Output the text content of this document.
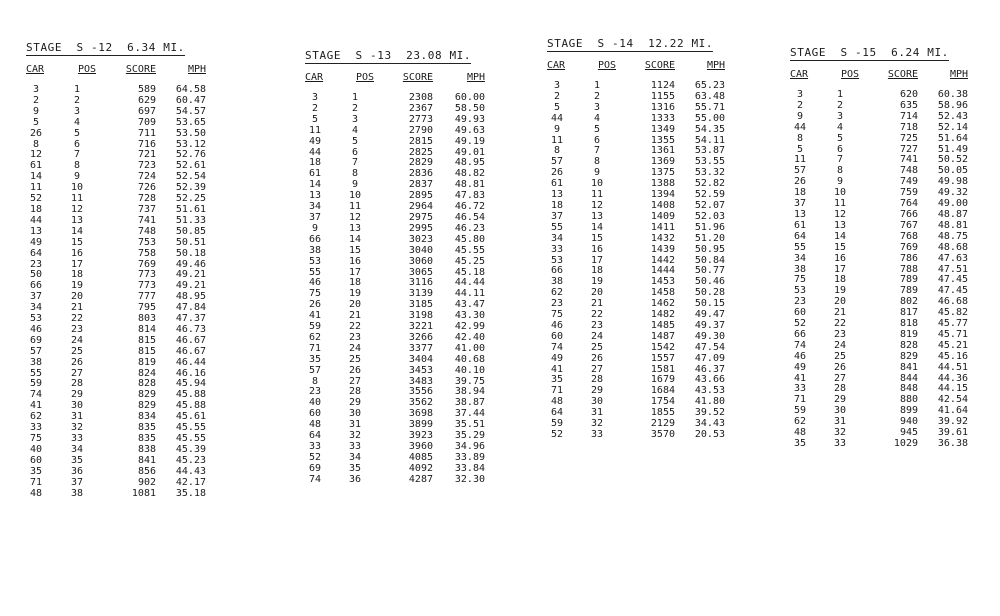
STAGE  S -12  6.34 MI.
CAR	POS	SCORE	MPH
3	1	589	64.58
2	2	629	60.47
9	3	697	54.57
5	4	709	53.65
26	5	711	53.50
8	6	716	53.12
12	7	721	52.76
61	8	723	52.61
14	9	724	52.54
11	10	726	52.39
52	11	728	52.25
18	12	737	51.61
44	13	741	51.33
13	14	748	50.85
49	15	753	50.51
64	16	758	50.18
23	17	769	49.46
50	18	773	49.21
66	19	773	49.21
37	20	777	48.95
34	21	795	47.84
53	22	803	47.37
46	23	814	46.73
69	24	815	46.67
57	25	815	46.67
38	26	819	46.44
55	27	824	46.16
59	28	828	45.94
74	29	829	45.88
41	30	829	45.88
62	31	834	45.61
33	32	835	45.55
75	33	835	45.55
40	34	838	45.39
60	35	841	45.23
35	36	856	44.43
71	37	902	42.17
48	38	1081	35.18
STAGE  S -13  23.08 MI.
CAR	POS	SCORE	MPH
3	1	2308	60.00
2	2	2367	58.50
5	3	2773	49.93
11	4	2790	49.63
49	5	2815	49.19
44	6	2825	49.01
18	7	2829	48.95
61	8	2836	48.82
14	9	2837	48.81
13	10	2895	47.83
34	11	2964	46.72
37	12	2975	46.54
9	13	2995	46.23
66	14	3023	45.80
38	15	3040	45.55
53	16	3060	45.25
55	17	3065	45.18
46	18	3116	44.44
75	19	3139	44.11
26	20	3185	43.47
41	21	3198	43.30
59	22	3221	42.99
62	23	3266	42.40
71	24	3377	41.00
35	25	3404	40.68
57	26	3453	40.10
8	27	3483	39.75
23	28	3556	38.94
40	29	3562	38.87
60	30	3698	37.44
48	31	3899	35.51
64	32	3923	35.29
33	33	3960	34.96
52	34	4085	33.89
69	35	4092	33.84
74	36	4287	32.30
STAGE  S -14  12.22 MI.
CAR	POS	SCORE	MPH
3	1	1124	65.23
2	2	1155	63.48
5	3	1316	55.71
44	4	1333	55.00
9	5	1349	54.35
11	6	1355	54.11
8	7	1361	53.87
57	8	1369	53.55
26	9	1375	53.32
61	10	1388	52.82
13	11	1394	52.59
18	12	1408	52.07
37	13	1409	52.03
55	14	1411	51.96
34	15	1432	51.20
33	16	1439	50.95
53	17	1442	50.84
66	18	1444	50.77
38	19	1453	50.46
62	20	1458	50.28
23	21	1462	50.15
75	22	1482	49.47
46	23	1485	49.37
60	24	1487	49.30
74	25	1542	47.54
49	26	1557	47.09
41	27	1581	46.37
35	28	1679	43.66
71	29	1684	43.53
48	30	1754	41.80
64	31	1855	39.52
59	32	2129	34.43
52	33	3570	20.53
STAGE  S -15  6.24 MI.
CAR	POS	SCORE	MPH
3	1	620	60.38
2	2	635	58.96
9	3	714	52.43
44	4	718	52.14
8	5	725	51.64
5	6	727	51.49
11	7	741	50.52
57	8	748	50.05
26	9	749	49.98
18	10	759	49.32
37	11	764	49.00
13	12	766	48.87
61	13	767	48.81
64	14	768	48.75
55	15	769	48.68
34	16	786	47.63
38	17	788	47.51
75	18	789	47.45
53	19	789	47.45
23	20	802	46.68
60	21	817	45.82
52	22	818	45.77
66	23	819	45.71
74	24	828	45.21
46	25	829	45.16
49	26	841	44.51
41	27	844	44.36
33	28	848	44.15
71	29	880	42.54
59	30	899	41.64
62	31	940	39.92
48	32	945	39.61
35	33	1029	36.38
